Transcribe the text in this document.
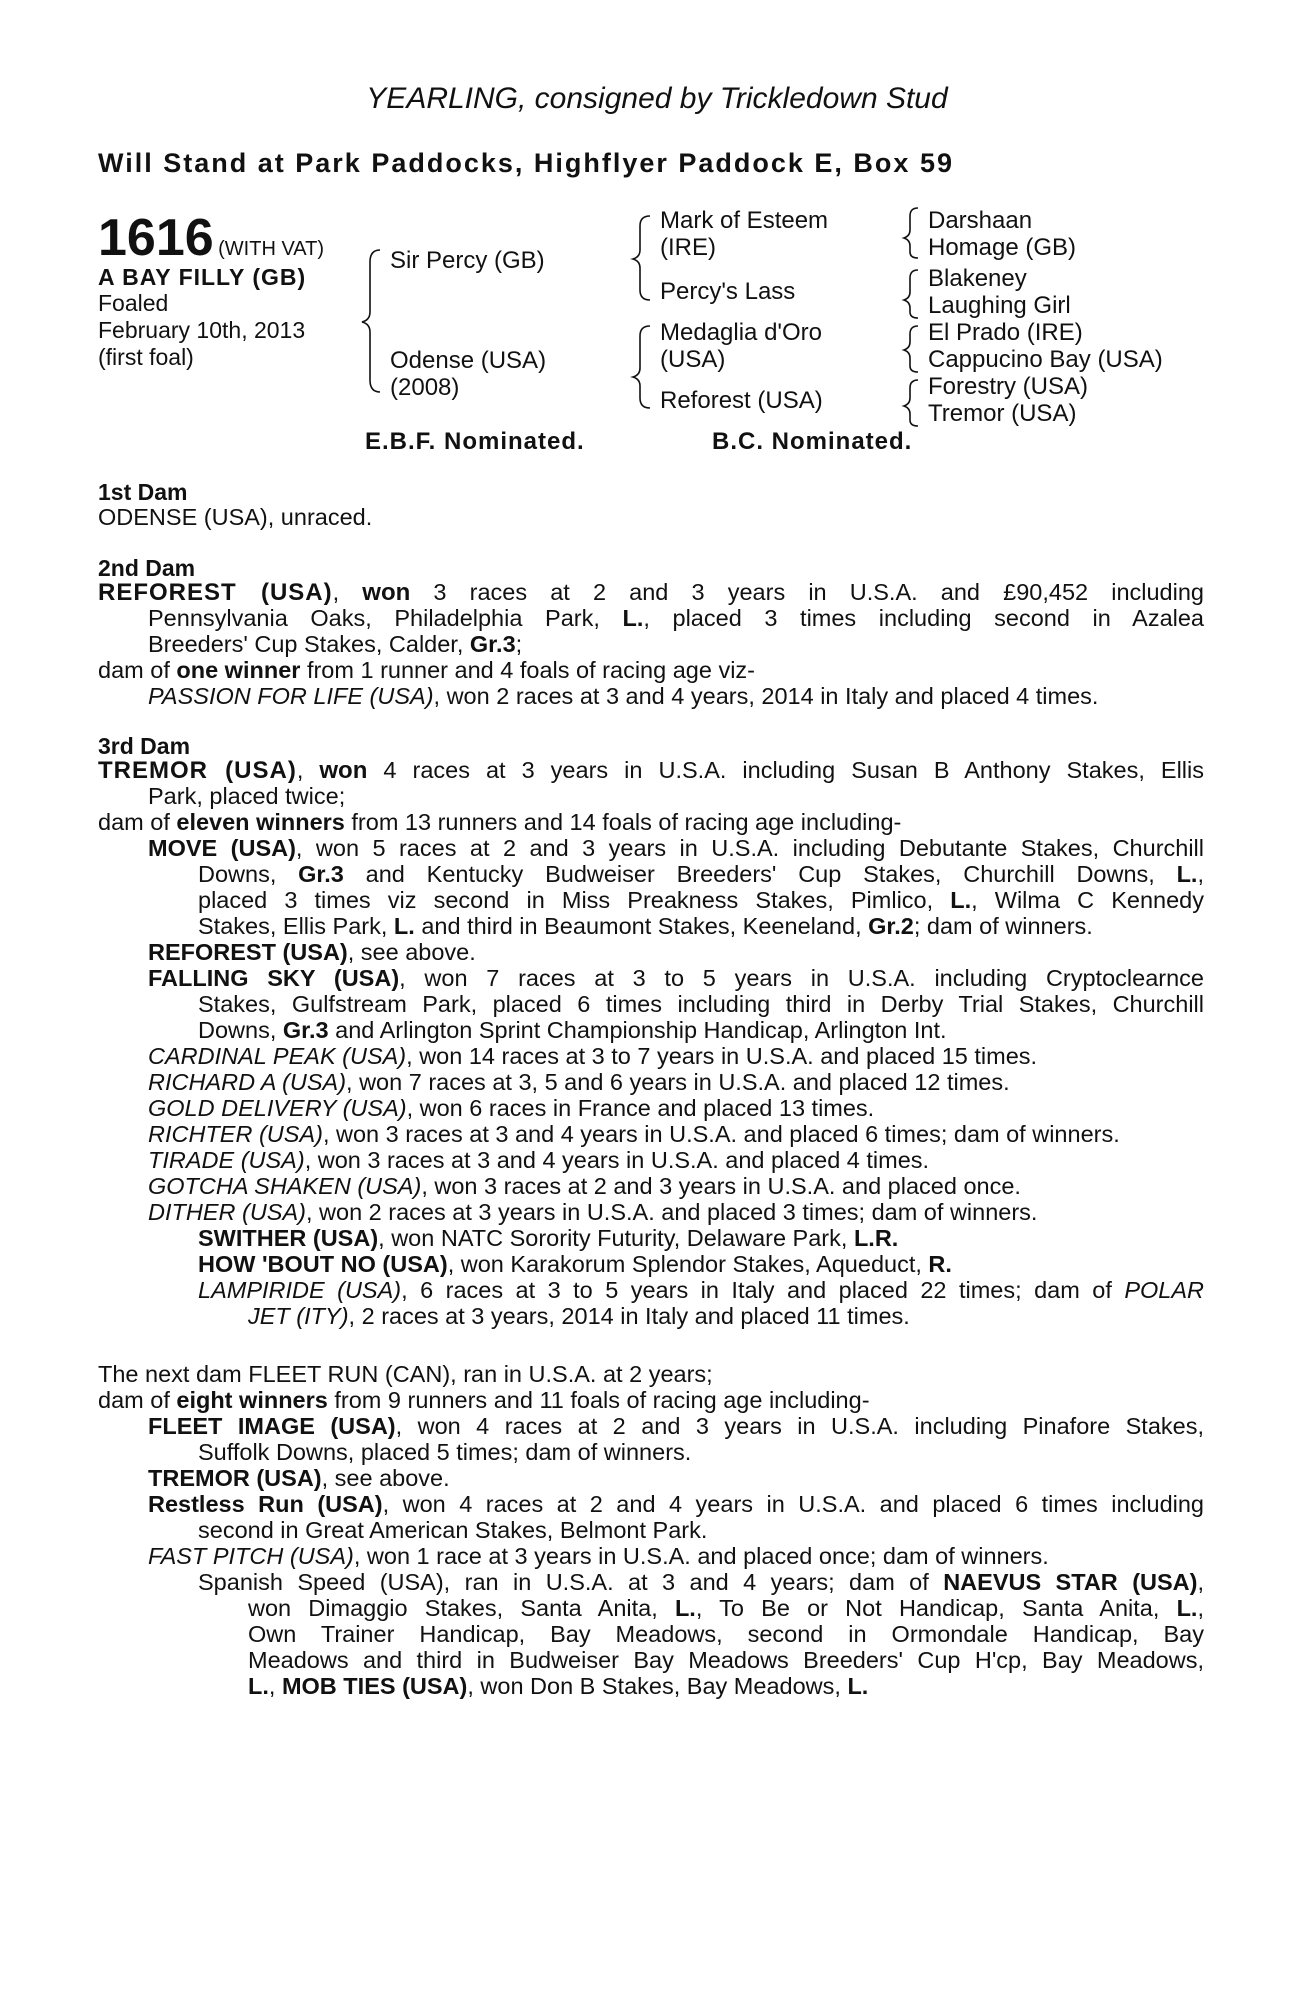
YEARLING, consigned by Trickledown Stud
Will Stand at Park Paddocks, Highflyer Paddock E, Box 59
1616 (WITH VAT)
A BAY FILLY (GB)
Foaled
February 10th, 2013
(first foal)
Sir Percy (GB)
Odense (USA)
(2008)
Mark of Esteem
(IRE)
Percy's Lass
Medaglia d'Oro
(USA)
Reforest (USA)
Darshaan
Homage (GB)
Blakeney
Laughing Girl
El Prado (IRE)
Cappucino Bay (USA)
Forestry (USA)
Tremor (USA)
E.B.F. Nominated.	B.C. Nominated.
1st Dam
ODENSE (USA), unraced.
2nd Dam
REFOREST (USA), won 3 races at 2 and 3 years in U.S.A. and £90,452 including
Pennsylvania Oaks, Philadelphia Park, L., placed 3 times including second in Azalea
Breeders' Cup Stakes, Calder, Gr.3;
dam of one winner from 1 runner and 4 foals of racing age viz-
PASSION FOR LIFE (USA), won 2 races at 3 and 4 years, 2014 in Italy and placed 4 times.
3rd Dam
TREMOR (USA), won 4 races at 3 years in U.S.A. including Susan B Anthony Stakes, Ellis
Park, placed twice;
dam of eleven winners from 13 runners and 14 foals of racing age including-
MOVE (USA), won 5 races at 2 and 3 years in U.S.A. including Debutante Stakes, Churchill
Downs, Gr.3 and Kentucky Budweiser Breeders' Cup Stakes, Churchill Downs, L.,
placed 3 times viz second in Miss Preakness Stakes, Pimlico, L., Wilma C Kennedy
Stakes, Ellis Park, L. and third in Beaumont Stakes, Keeneland, Gr.2; dam of winners.
REFOREST (USA), see above.
FALLING SKY (USA), won 7 races at 3 to 5 years in U.S.A. including Cryptoclearnce
Stakes, Gulfstream Park, placed 6 times including third in Derby Trial Stakes, Churchill
Downs, Gr.3 and Arlington Sprint Championship Handicap, Arlington Int.
CARDINAL PEAK (USA), won 14 races at 3 to 7 years in U.S.A. and placed 15 times.
RICHARD A (USA), won 7 races at 3, 5 and 6 years in U.S.A. and placed 12 times.
GOLD DELIVERY (USA), won 6 races in France and placed 13 times.
RICHTER (USA), won 3 races at 3 and 4 years in U.S.A. and placed 6 times; dam of winners.
TIRADE (USA), won 3 races at 3 and 4 years in U.S.A. and placed 4 times.
GOTCHA SHAKEN (USA), won 3 races at 2 and 3 years in U.S.A. and placed once.
DITHER (USA), won 2 races at 3 years in U.S.A. and placed 3 times; dam of winners.
SWITHER (USA), won NATC Sorority Futurity, Delaware Park, L.R.
HOW 'BOUT NO (USA), won Karakorum Splendor Stakes, Aqueduct, R.
LAMPIRIDE (USA), 6 races at 3 to 5 years in Italy and placed 22 times; dam of POLAR
JET (ITY), 2 races at 3 years, 2014 in Italy and placed 11 times.
The next dam FLEET RUN (CAN), ran in U.S.A. at 2 years;
dam of eight winners from 9 runners and 11 foals of racing age including-
FLEET IMAGE (USA), won 4 races at 2 and 3 years in U.S.A. including Pinafore Stakes,
Suffolk Downs, placed 5 times; dam of winners.
TREMOR (USA), see above.
Restless Run (USA), won 4 races at 2 and 4 years in U.S.A. and placed 6 times including
second in Great American Stakes, Belmont Park.
FAST PITCH (USA), won 1 race at 3 years in U.S.A. and placed once; dam of winners.
Spanish Speed (USA), ran in U.S.A. at 3 and 4 years; dam of NAEVUS STAR (USA),
won Dimaggio Stakes, Santa Anita, L., To Be or Not Handicap, Santa Anita, L.,
Own Trainer Handicap, Bay Meadows, second in Ormondale Handicap, Bay
Meadows and third in Budweiser Bay Meadows Breeders' Cup H'cp, Bay Meadows,
L., MOB TIES (USA), won Don B Stakes, Bay Meadows, L.
